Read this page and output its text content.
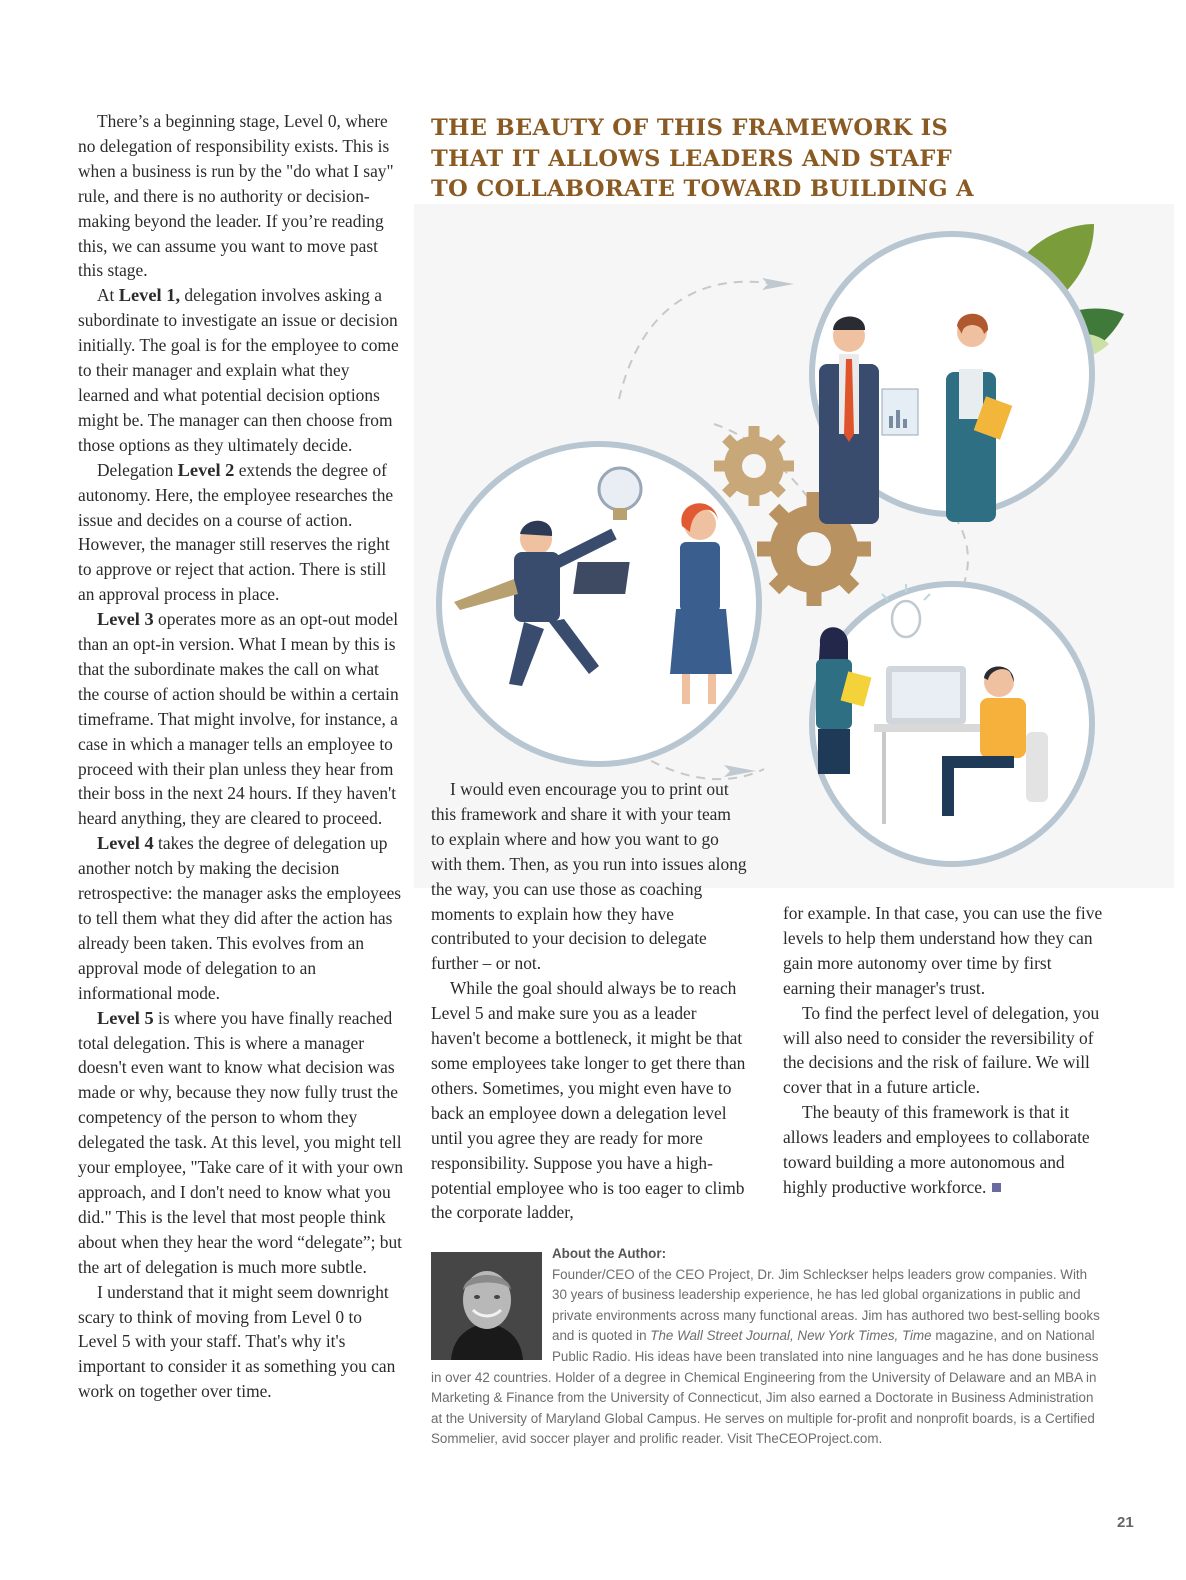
There’s a beginning stage, Level 0, where no delegation of responsibility exists. This is when a business is run by the "do what I say" rule, and there is no authority or decision-making beyond the leader. If you’re reading this, we can assume you want to move past this stage.

At Level 1, delegation involves asking a subordinate to investigate an issue or decision initially. The goal is for the employee to come to their manager and explain what they learned and what potential decision options might be. The manager can then choose from those options as they ultimately decide.

Delegation Level 2 extends the degree of autonomy. Here, the employee researches the issue and decides on a course of action. However, the manager still reserves the right to approve or reject that action. There is still an approval process in place.

Level 3 operates more as an opt-out model than an opt-in version. What I mean by this is that the subordinate makes the call on what the course of action should be within a certain timeframe. That might involve, for instance, a case in which a manager tells an employee to proceed with their plan unless they hear from their boss in the next 24 hours. If they haven't heard anything, they are cleared to proceed.

Level 4 takes the degree of delegation up another notch by making the decision retrospective: the manager asks the employees to tell them what they did after the action has already been taken. This evolves from an approval mode of delegation to an informational mode.

Level 5 is where you have finally reached total delegation. This is where a manager doesn't even want to know what decision was made or why, because they now fully trust the competency of the person to whom they delegated the task. At this level, you might tell your employee, "Take care of it with your own approach, and I don't need to know what you did." This is the level that most people think about when they hear the word “delegate”; but the art of delegation is much more subtle.

I understand that it might seem downright scary to think of moving from Level 0 to Level 5 with your staff. That's why it's important to consider it as something you can work on together over time.

THE BEAUTY OF THIS FRAMEWORK IS THAT IT ALLOWS LEADERS AND STAFF TO COLLABORATE TOWARD BUILDING A

I would even encourage you to print out this framework and share it with your team to explain where and how you want to go with them. Then, as you run into issues along the way, you can use those as coaching moments to explain how they have contributed to your decision to delegate further – or not.

While the goal should always be to reach Level 5 and make sure you as a leader haven't become a bottleneck, it might be that some employees take longer to get there than others. Sometimes, you might even have to back an employee down a delegation level until you agree they are ready for more responsibility. Suppose you have a high-potential employee who is too eager to climb the corporate ladder,

for example. In that case, you can use the five levels to help them understand how they can gain more autonomy over time by first earning their manager's trust.

To find the perfect level of delegation, you will also need to consider the reversibility of the decisions and the risk of failure. We will cover that in a future article.

The beauty of this framework is that it allows leaders and employees to collaborate toward building a more autonomous and highly productive workforce.

About the Author:

Founder/CEO of the CEO Project, Dr. Jim Schleckser helps leaders grow companies. With 30 years of business leadership experience, he has led global organizations in public and private environments across many functional areas. Jim has authored two best-selling books and is quoted in The Wall Street Journal, New York Times, Time magazine, and on National Public Radio. His ideas have been translated into nine languages and he has done business in over 42 countries. Holder of a degree in Chemical Engineering from the University of Delaware and an MBA in Marketing & Finance from the University of Connecticut, Jim also earned a Doctorate in Business Administration at the University of Maryland Global Campus. He serves on multiple for-profit and nonprofit boards, is a Certified Sommelier, avid soccer player and prolific reader. Visit TheCEOProject.com.

21
